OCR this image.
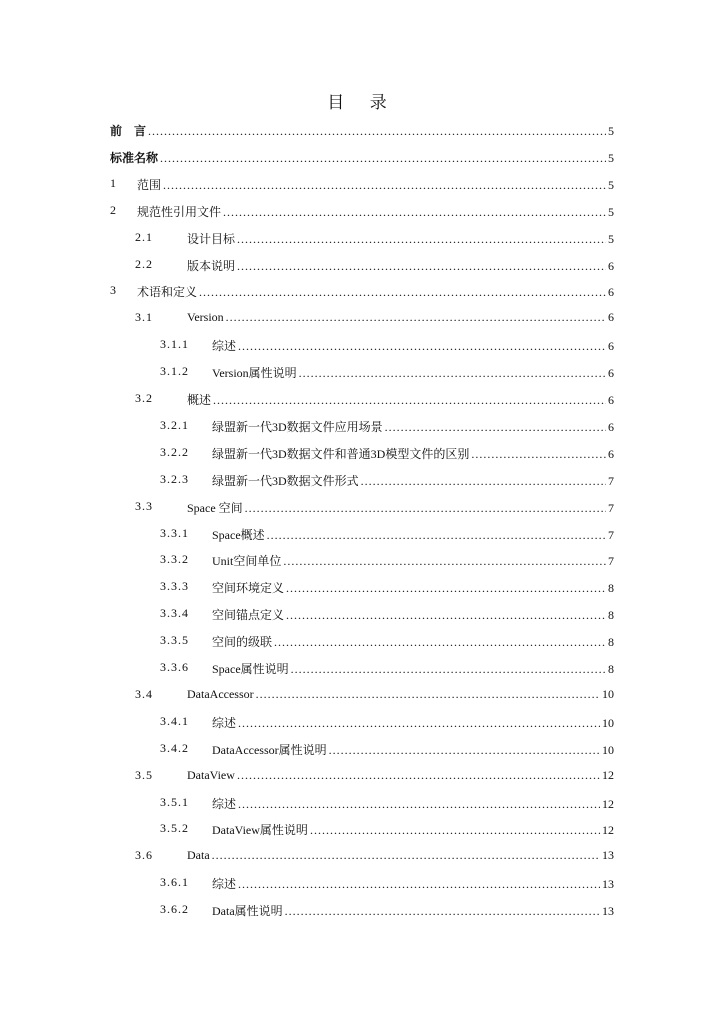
目 录
前　言 .....	5
标准名称 .....	5
1 范围 .....	5
2 规范性引用文件 .....	5
2.1	设计目标 .....	5
2.2	版本说明 .....	6
3 术语和定义 .....	6
3.1	Version .....	6
3.1.1 综述 .....	6
3.1.2 Version属性说明 .....	6
3.2	概述 .....	6
3.2.1 绿盟新一代3D数据文件应用场景 .....	6
3.2.2 绿盟新一代3D数据文件和普通3D模型文件的区别 .....	6
3.2.3 绿盟新一代3D数据文件形式 .....	7
3.3	Space 空间 .....	7
3.3.1 Space概述 .....	7
3.3.2 Unit空间单位 .....	7
3.3.3 空间环境定义 .....	8
3.3.4 空间锚点定义 .....	8
3.3.5 空间的级联 .....	8
3.3.6 Space属性说明 .....	8
3.4	DataAccessor .....	10
3.4.1 综述 .....	10
3.4.2 DataAccessor属性说明 .....	10
3.5	DataView .....	12
3.5.1 综述 .....	12
3.5.2 DataView属性说明 .....	12
3.6	Data .....	13
3.6.1 综述 .....	13
3.6.2 Data属性说明 .....	13
